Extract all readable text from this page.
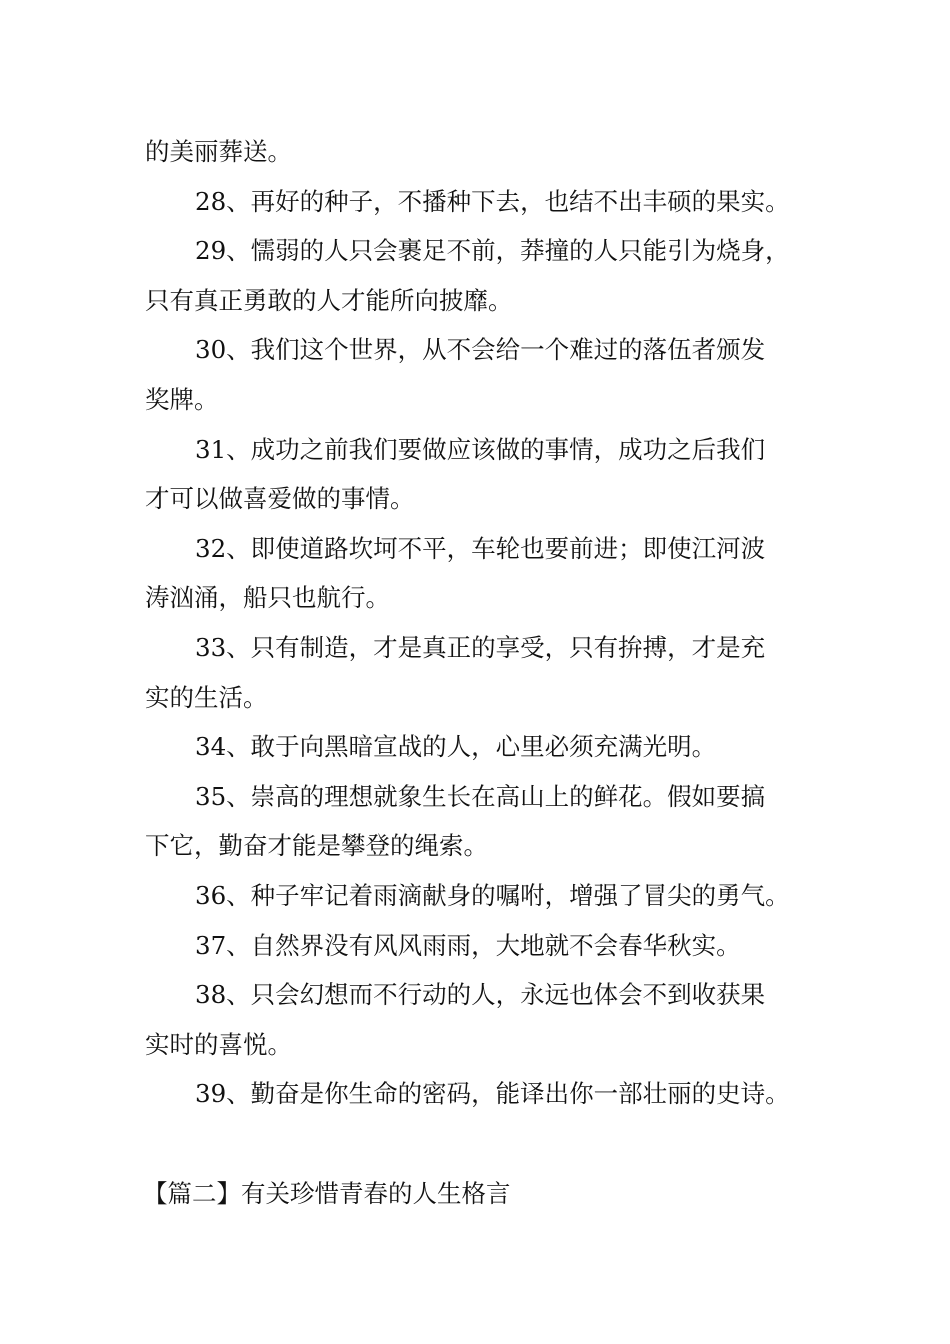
的美丽葬送。
28、再好的种子，不播种下去，也结不出丰硕的果实。
29、懦弱的人只会裹足不前，莽撞的人只能引为烧身，
只有真正勇敢的人才能所向披靡。
30、我们这个世界，从不会给一个难过的落伍者颁发
奖牌。
31、成功之前我们要做应该做的事情，成功之后我们
才可以做喜爱做的事情。
32、即使道路坎坷不平，车轮也要前进；即使江河波
涛汹涌，船只也航行。
33、只有制造，才是真正的享受，只有拚搏，才是充
实的生活。
34、敢于向黑暗宣战的人，心里必须充满光明。
35、崇高的理想就象生长在高山上的鲜花。假如要搞
下它，勤奋才能是攀登的绳索。
36、种子牢记着雨滴献身的嘱咐，增强了冒尖的勇气。
37、自然界没有风风雨雨，大地就不会春华秋实。
38、只会幻想而不行动的人，永远也体会不到收获果
实时的喜悦。
39、勤奋是你生命的密码，能译出你一部壮丽的史诗。
【篇二】有关珍惜青春的人生格言
